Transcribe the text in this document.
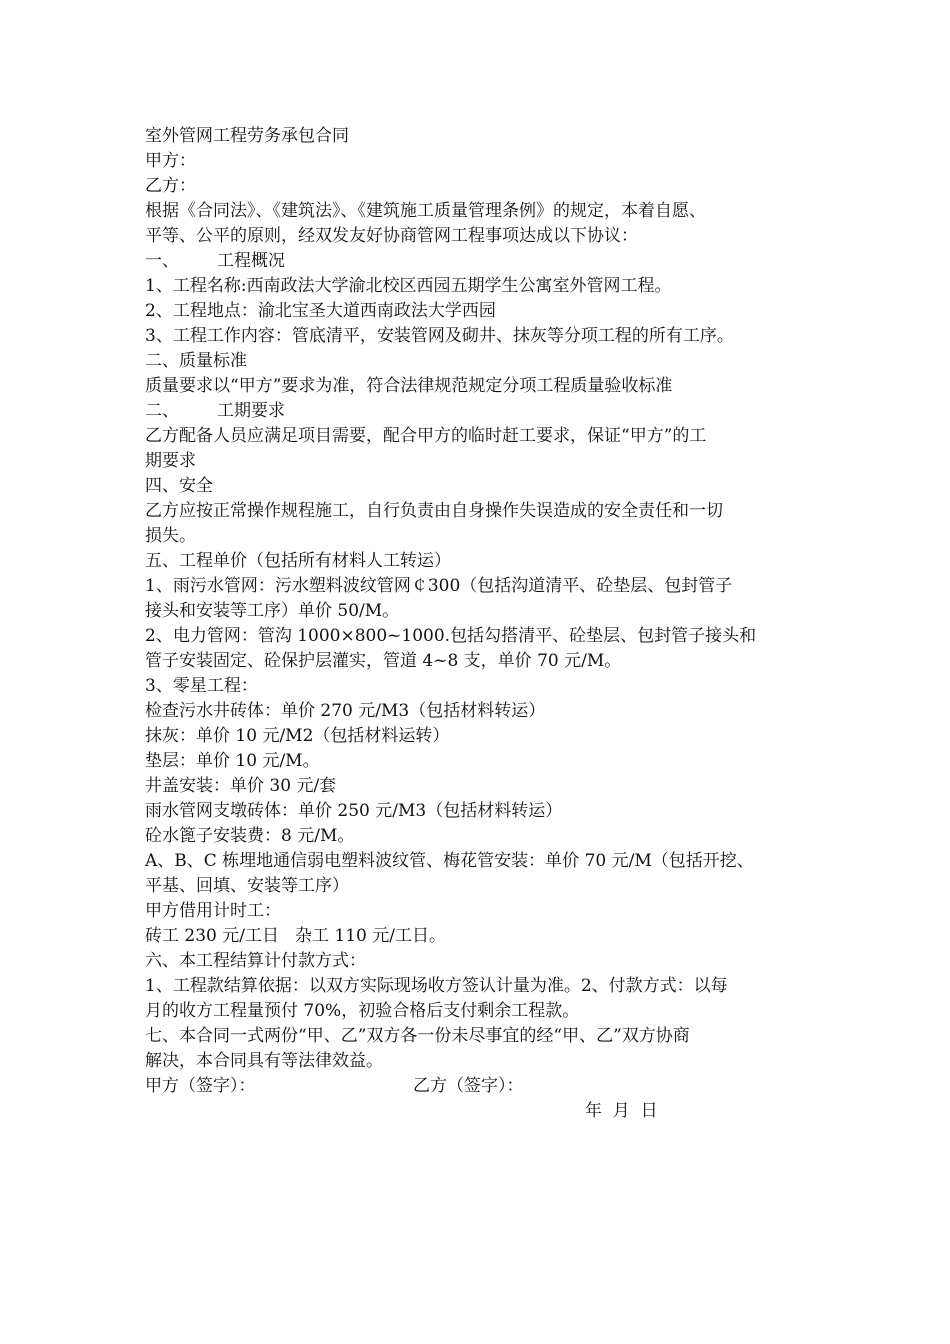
室外管网工程劳务承包合同
甲方：
乙方：
根据《合同法》、《建筑法》、《建筑施工质量管理条例》的规定，本着自愿、
平等、公平的原则，经双发友好协商管网工程事项达成以下协议：
一、 工程概况
1、工程名称:西南政法大学渝北校区西园五期学生公寓室外管网工程。
2、工程地点：渝北宝圣大道西南政法大学西园
3、工程工作内容：管底清平，安装管网及砌井、抹灰等分项工程的所有工序。
二、质量标准
质量要求以“甲方”要求为准，符合法律规范规定分项工程质量验收标准
二、 工期要求
乙方配备人员应满足项目需要，配合甲方的临时赶工要求，保证“甲方”的工
期要求
四、安全
乙方应按正常操作规程施工，自行负责由自身操作失误造成的安全责任和一切
损失。
五、工程单价（包括所有材料人工转运）
1、雨污水管网：污水塑料波纹管网￠300（包括沟道清平、砼垫层、包封管子
接头和安装等工序）单价 50/M。
2、电力管网：管沟 1000×800~1000.包括勾搭清平、砼垫层、包封管子接头和
管子安装固定、砼保护层灌实，管道 4~8 支，单价 70 元/M。
3、零星工程：
检查污水井砖体：单价 270 元/M3（包括材料转运）
抹灰：单价 10 元/M2（包括材料运转）
垫层：单价 10 元/M。
井盖安装：单价 30 元/套
雨水管网支墩砖体：单价 250 元/M3（包括材料转运）
砼水篦子安装费：8 元/M。
A、B、C 栋埋地通信弱电塑料波纹管、梅花管安装：单价 70 元/M（包括开挖、
平基、回填、安装等工序）
甲方借用计时工：
砖工 230 元/工日 杂工 110 元/工日。
六、本工程结算计付款方式：
1、工程款结算依据：以双方实际现场收方签认计量为准。2、付款方式：以每
月的收方工程量预付 70%，初验合格后支付剩余工程款。
七、本合同一式两份“甲、乙”双方各一份未尽事宜的经“甲、乙”双方协商
解决，本合同具有等法律效益。
甲方（签字）：	乙方（签字）：
年  月  日
